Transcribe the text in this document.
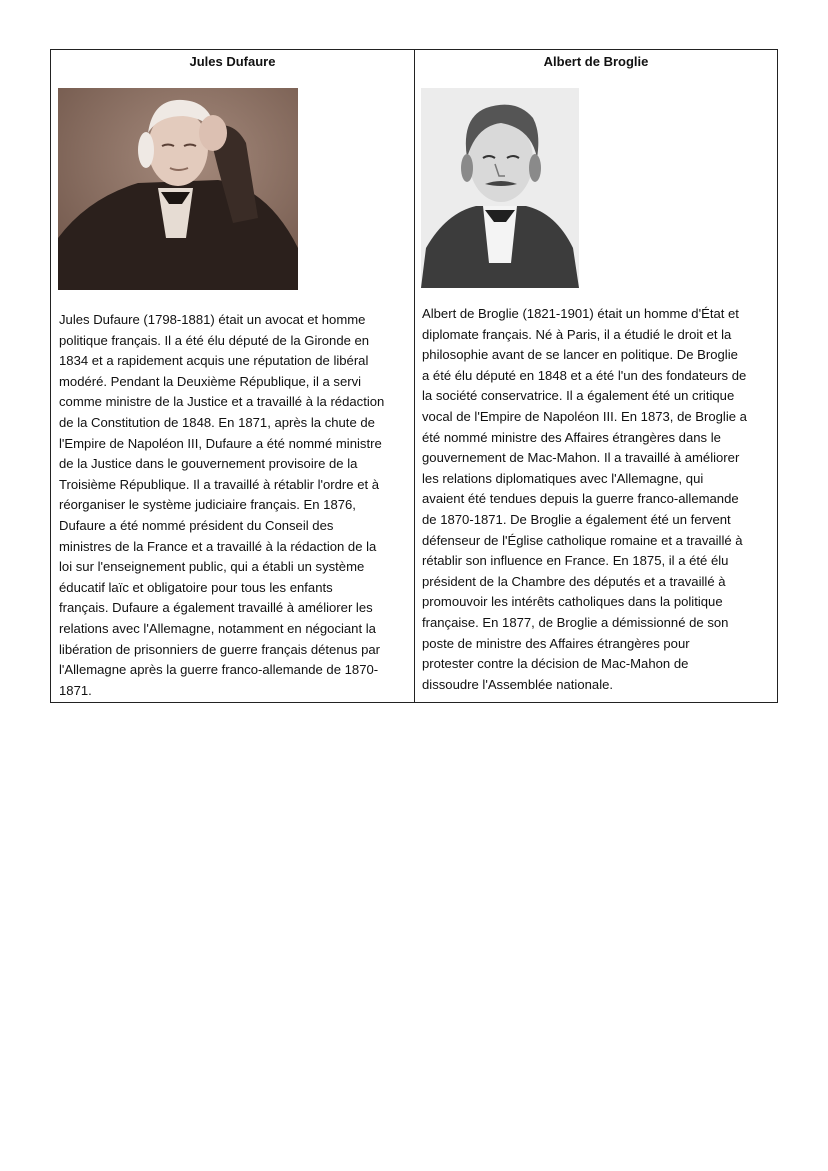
Jules Dufaure
Jules Dufaure (1798-1881) était un avocat et homme
politique français. Il a été élu député de la Gironde en
1834 et a rapidement acquis une réputation de libéral
modéré. Pendant la Deuxième République, il a servi
comme ministre de la Justice et a travaillé à la rédaction
de la Constitution de 1848. En 1871, après la chute de
l'Empire de Napoléon III, Dufaure a été nommé ministre
de la Justice dans le gouvernement provisoire de la
Troisième République. Il a travaillé à rétablir l'ordre et à
réorganiser le système judiciaire français. En 1876,
Dufaure a été nommé président du Conseil des
ministres de la France et a travaillé à la rédaction de la
loi sur l'enseignement public, qui a établi un système
éducatif laïc et obligatoire pour tous les enfants
français. Dufaure a également travaillé à améliorer les
relations avec l'Allemagne, notamment en négociant la
libération de prisonniers de guerre français détenus par
l'Allemagne après la guerre franco-allemande de 1870-
1871.
Albert de Broglie
Albert de Broglie (1821-1901) était un homme d'État et
diplomate français. Né à Paris, il a étudié le droit et la
philosophie avant de se lancer en politique. De Broglie
a été élu député en 1848 et a été l'un des fondateurs de
la société conservatrice. Il a également été un critique
vocal de l'Empire de Napoléon III. En 1873, de Broglie a
été nommé ministre des Affaires étrangères dans le
gouvernement de Mac-Mahon. Il a travaillé à améliorer
les relations diplomatiques avec l'Allemagne, qui
avaient été tendues depuis la guerre franco-allemande
de 1870-1871. De Broglie a également été un fervent
défenseur de l'Église catholique romaine et a travaillé à
rétablir son influence en France. En 1875, il a été élu
président de la Chambre des députés et a travaillé à
promouvoir les intérêts catholiques dans la politique
française. En 1877, de Broglie a démissionné de son
poste de ministre des Affaires étrangères pour
protester contre la décision de Mac-Mahon de
dissoudre l'Assemblée nationale.
